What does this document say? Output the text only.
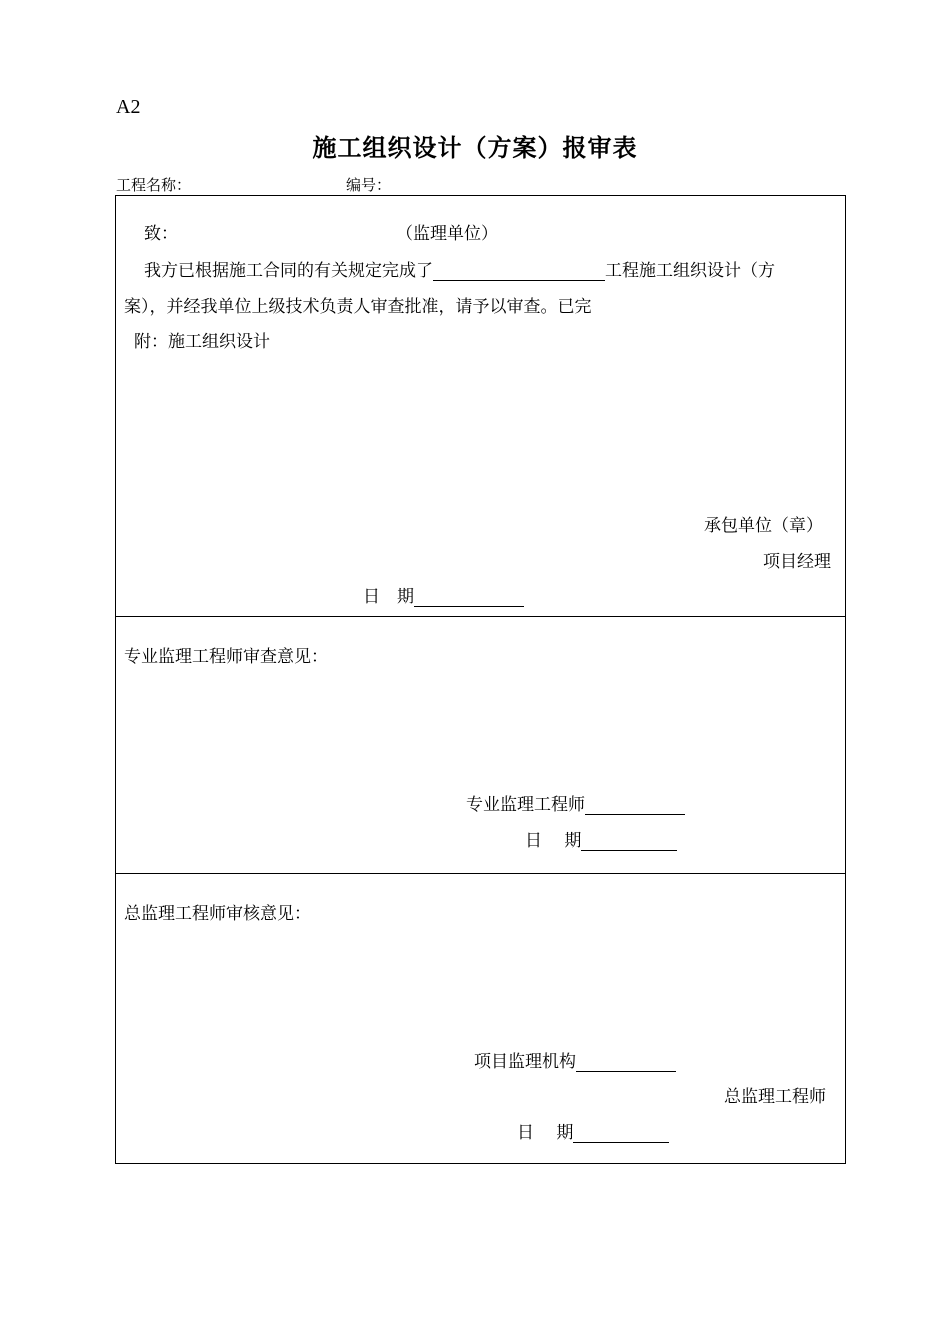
A2
施工组织设计（方案）报审表
工程名称：	编号：
致：	（监理单位）
我方已根据施工合同的有关规定完成了	工程施工组织设计（方
案），并经我单位上级技术负责人审查批准，请予以审查。已完
附：施工组织设计
承包单位（章）
项目经理
日　期
专业监理工程师审查意见：
专业监理工程师
日　 期
总监理工程师审核意见：
项目监理机构
总监理工程师
日　 期
